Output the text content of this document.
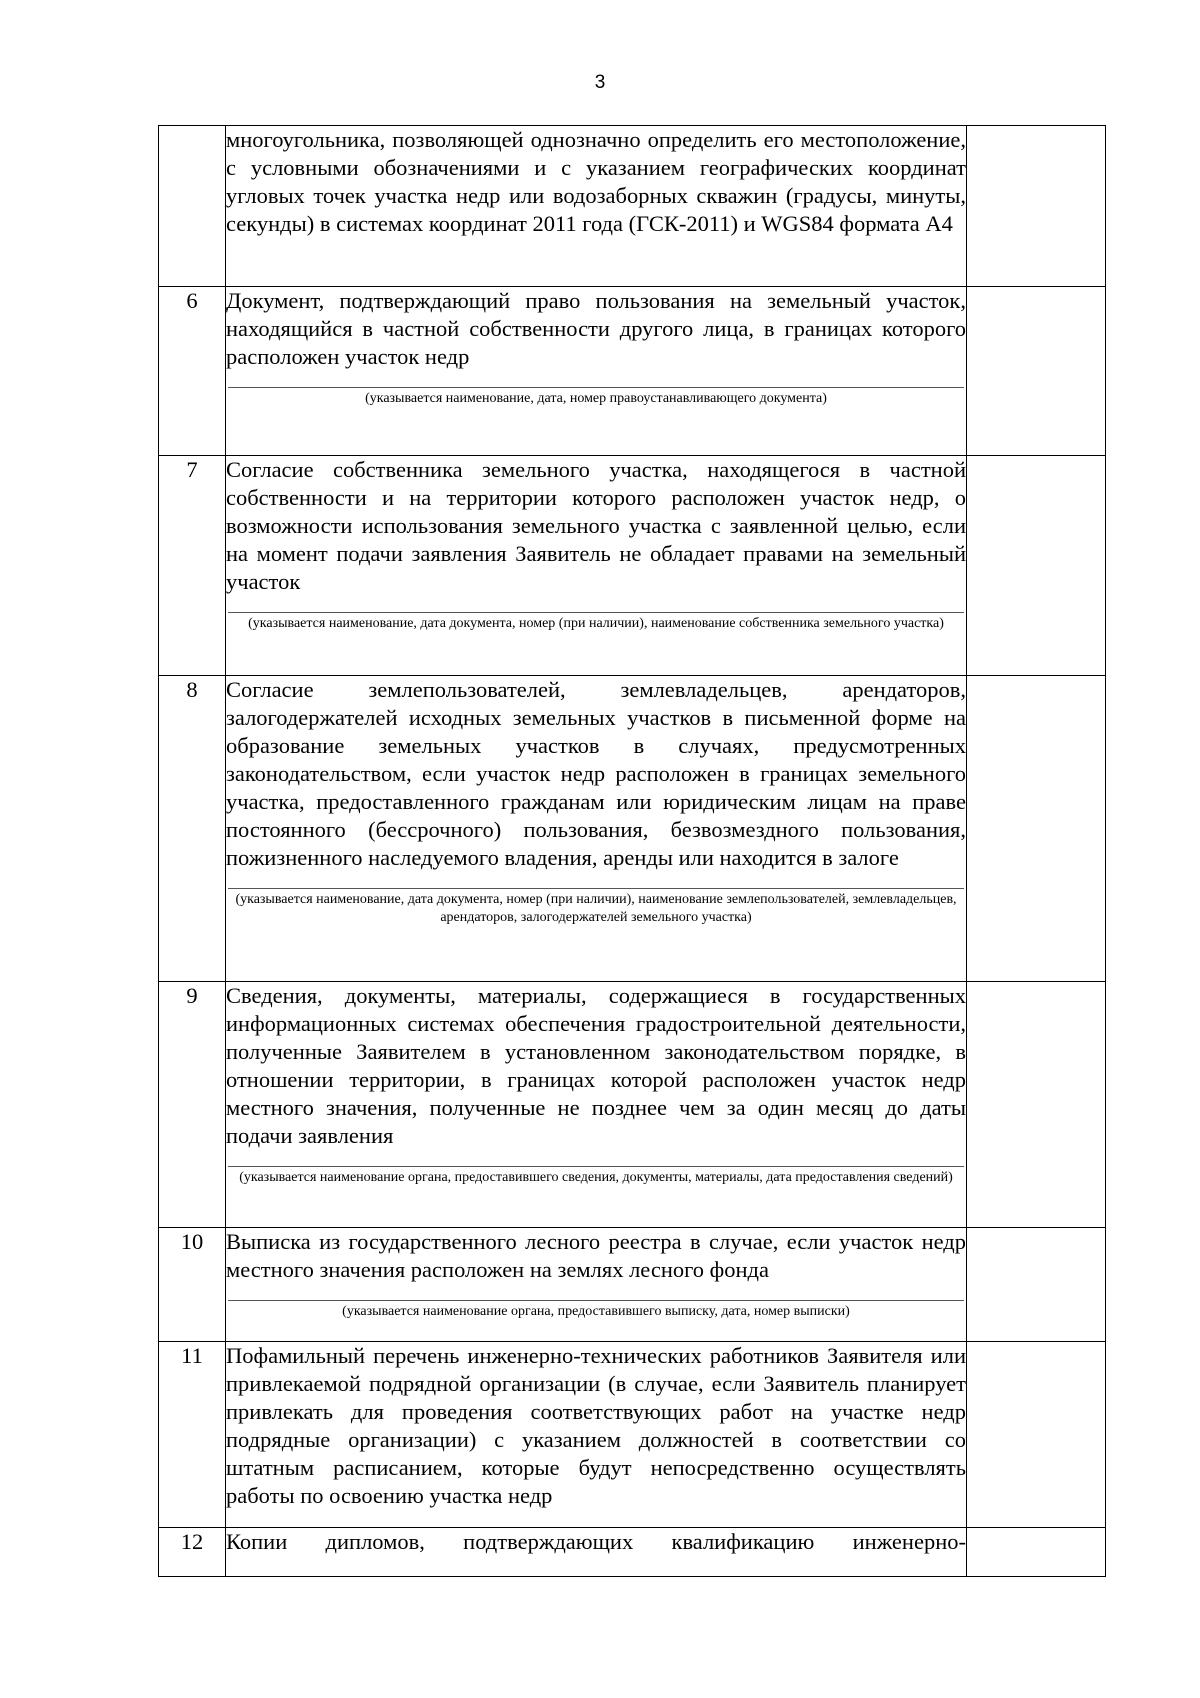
3

	многоугольника, позволяющей однозначно определить его местоположение, с условными обозначениями и с указанием географических координат угловых точек участка недр или водозаборных скважин (градусы, минуты, секунды) в системах координат 2011 года (ГСК-2011) и WGS84 формата А4	

6	Документ, подтверждающий право пользования на земельный участок, находящийся в частной собственности другого лица, в границах которого расположен участок недр
(указывается наименование, дата, номер правоустанавливающего документа)	

7	Согласие собственника земельного участка, находящегося в частной собственности и на территории которого расположен участок недр, о возможности использования земельного участка с заявленной целью, если на момент подачи заявления Заявитель не обладает правами на земельный участок
(указывается наименование, дата документа, номер (при наличии), наименование собственника земельного участка)	

8	Согласие землепользователей, землевладельцев, арендаторов, залогодержателей исходных земельных участков в письменной форме на образование земельных участков в случаях, предусмотренных законодательством, если участок недр расположен в границах земельного участка, предоставленного гражданам или юридическим лицам на праве постоянного (бессрочного) пользования, безвозмездного пользования, пожизненного наследуемого владения, аренды или находится в залоге
(указывается наименование, дата документа, номер (при наличии), наименование землепользователей, землевладельцев, арендаторов, залогодержателей земельного участка)	

9	Сведения, документы, материалы, содержащиеся в государственных информационных системах обеспечения градостроительной деятельности, полученные Заявителем в установленном законодательством порядке, в отношении территории, в границах которой расположен участок недр местного значения, полученные не позднее чем за один месяц до даты подачи заявления
(указывается наименование органа, предоставившего сведения, документы, материалы, дата предоставления сведений)	

10	Выписка из государственного лесного реестра в случае, если участок недр местного значения расположен на землях лесного фонда
(указывается наименование органа, предоставившего выписку, дата, номер выписки)	

11	Пофамильный перечень инженерно-технических работников Заявителя или привлекаемой подрядной организации (в случае, если Заявитель планирует привлекать для проведения соответствующих работ на участке недр подрядные организации) с указанием должностей в соответствии со штатным расписанием, которые будут непосредственно осуществлять работы по освоению участка недр	

12	Копии дипломов, подтверждающих квалификацию инженерно-	
